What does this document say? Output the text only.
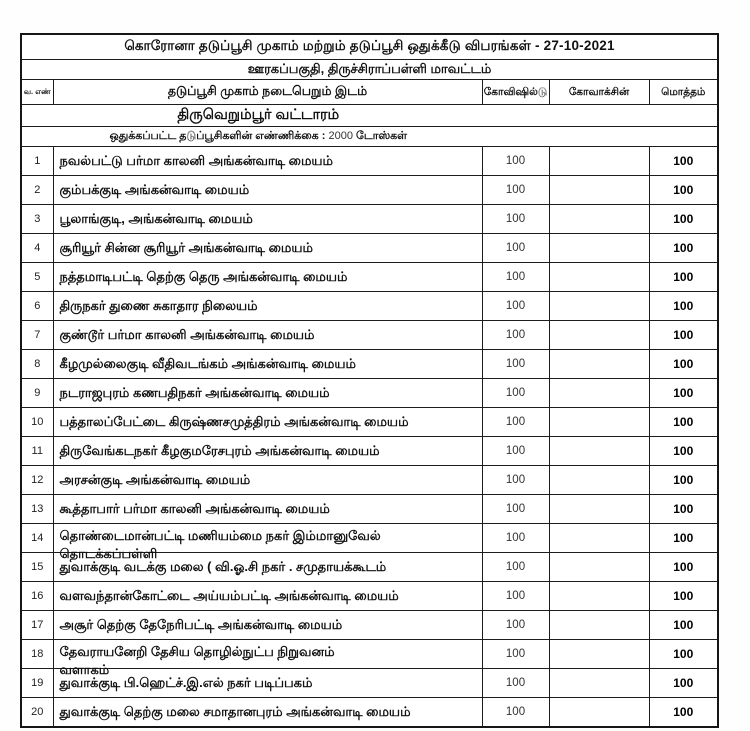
கொரோனா தடுப்பூசி முகாம் மற்றும் தடுப்பூசி ஒதுக்கீடு விபரங்கள் - 27-10-2021				

ஊரகப்பகுதி, திருச்சிராப்பள்ளி மாவட்டம்				

வ. எண்	தடுப்பூசி முகாம் நடைபெறும் இடம்	கோவிஷில்டு	கோவாக்சின்	மொத்தம்

திருவெறும்பூர் வட்டாரம்				

ஒதுக்கப்பட்ட தடுப்பூசிகளின் எண்ணிக்கை : 2000 டோஸ்கள்				

1	நவல்பட்டு பர்மா காலனி அங்கன்வாடி மையம்	100		100
2	கும்பக்குடி அங்கன்வாடி மையம்	100		100
3	பூலாங்குடி, அங்கன்வாடி மையம்	100		100
4	சூரியூர் சின்ன சூரியூர் அங்கன்வாடி மையம்	100		100
5	நத்தமாடிபட்டி தெற்கு தெரு அங்கன்வாடி மையம்	100		100
6	திருநகர் துணை சுகாதார நிலையம்	100		100
7	குண்டூர் பர்மா காலனி அங்கன்வாடி மையம்	100		100
8	கீழமுல்லைகுடி வீதிவடங்கம் அங்கன்வாடி மையம்	100		100
9	நடராஜபுரம் கணபதிநகர் அங்கன்வாடி மையம்	100		100
10	பத்தாலப்பேட்டை கிருஷ்ணசமுத்திரம் அங்கன்வாடி மையம்	100		100
11	திருவேங்கடநகர் கீழகுமரேசபுரம் அங்கன்வாடி மையம்	100		100
12	அரசன்குடி அங்கன்வாடி மையம்	100		100
13	கூத்தாபார் பர்மா காலனி அங்கன்வாடி மையம்	100		100
14	தொண்டைமான்பட்டி மணியம்மை நகர் இம்மானுவேல்
தொடக்கப்பள்ளி	100		100
15	துவாக்குடி வடக்கு மலை ( வி.ஓ.சி நகர் . சமுதாயக்கூடம்	100		100
16	வளவந்தான்கோட்டை அய்யம்பட்டி அங்கன்வாடி மையம்	100		100
17	அசூர் தெற்கு தேநேரிபட்டி அங்கன்வாடி மையம்	100		100
18	தேவராயனேறி தேசிய தொழில்நுட்ப நிறுவனம்
வளாகம்	100		100
19	துவாக்குடி பி.ஹெட்ச்.இ.எல் நகர் படிப்பகம்	100		100
20	துவாக்குடி தெற்கு மலை சமாதானபுரம் அங்கன்வாடி மையம்	100		100
